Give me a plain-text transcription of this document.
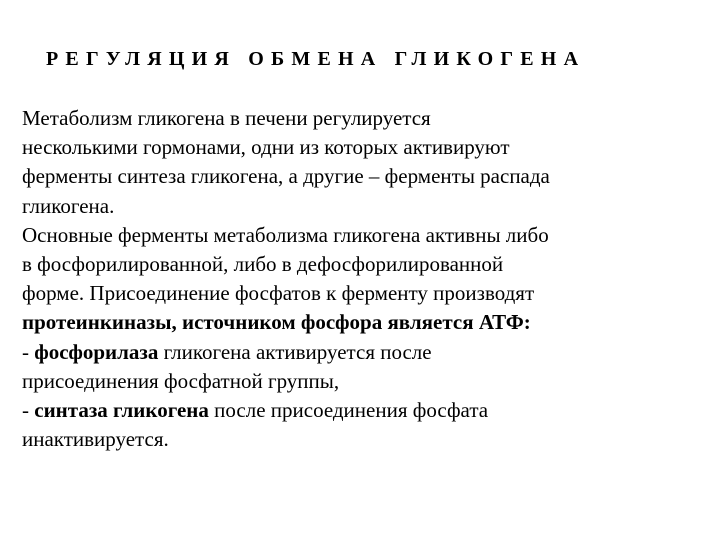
РЕГУЛЯЦИЯ ОБМЕНА ГЛИКОГЕНА
Метаболизм гликогена в печени регулируется
несколькими гормонами, одни из которых активируют
ферменты синтеза гликогена, а другие – ферменты распада
гликогена.
Основные ферменты метаболизма гликогена активны либо
в фосфорилированной, либо в дефосфорилированной
форме. Присоединение фосфатов к ферменту производят
протеинкиназы, источником фосфора является АТФ:
- фосфорилаза гликогена активируется после
присоединения фосфатной группы,
- синтаза гликогена после присоединения фосфата
инактивируется.
